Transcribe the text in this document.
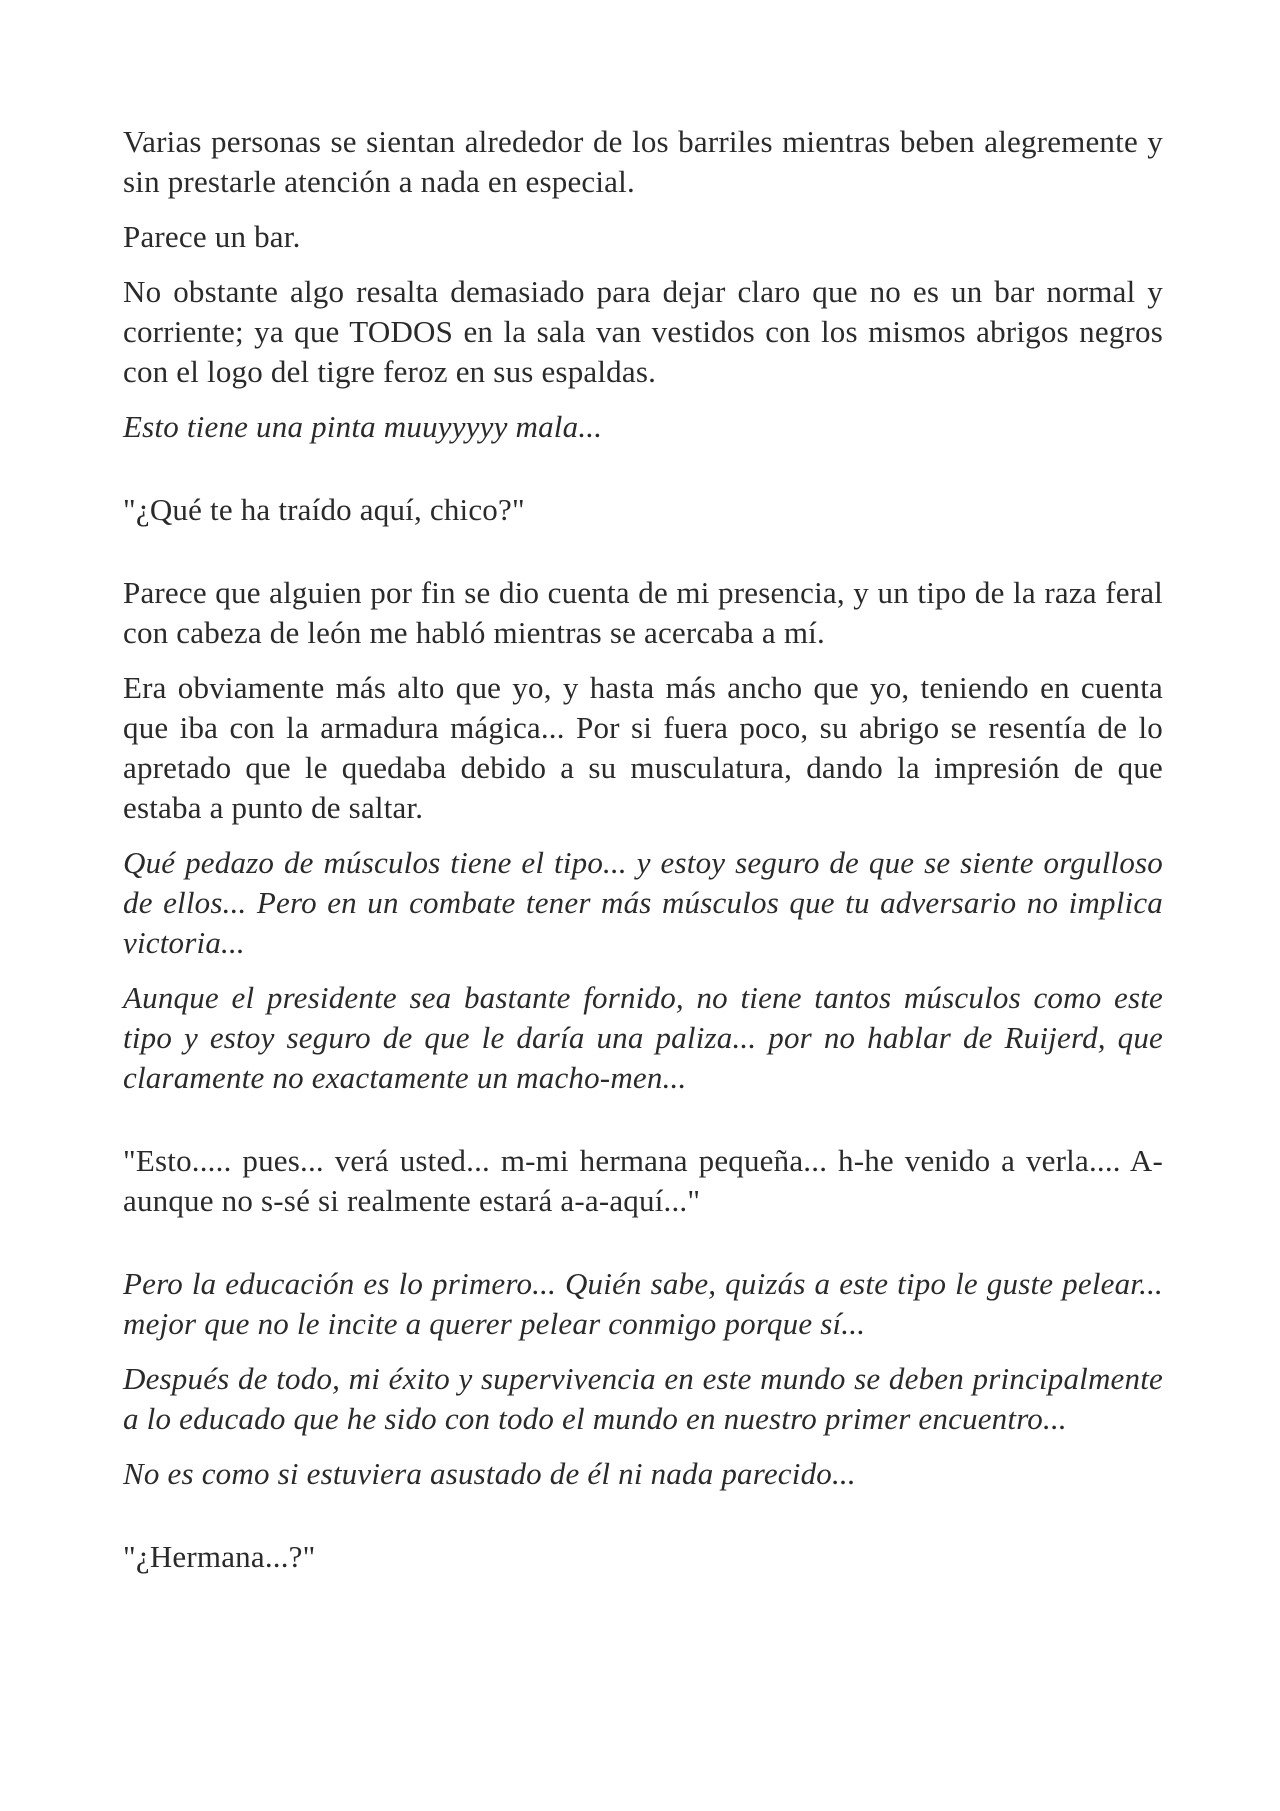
Varias personas se sientan alrededor de los barriles mientras beben alegremente y sin prestarle atención a nada en especial.

Parece un bar.

No obstante algo resalta demasiado para dejar claro que no es un bar normal y corriente; ya que TODOS en la sala van vestidos con los mismos abrigos negros con el logo del tigre feroz en sus espaldas.

Esto tiene una pinta muuyyyyy mala...

"¿Qué te ha traído aquí, chico?"

Parece que alguien por fin se dio cuenta de mi presencia, y un tipo de la raza feral con cabeza de león me habló mientras se acercaba a mí.

Era obviamente más alto que yo, y hasta más ancho que yo, teniendo en cuenta que iba con la armadura mágica... Por si fuera poco, su abrigo se resentía de lo apretado que le quedaba debido a su musculatura, dando la impresión de que estaba a punto de saltar.

Qué pedazo de músculos tiene el tipo... y estoy seguro de que se siente orgulloso de ellos... Pero en un combate tener más músculos que tu adversario no implica victoria...

Aunque el presidente sea bastante fornido, no tiene tantos músculos como este tipo y estoy seguro de que le daría una paliza... por no hablar de Ruijerd, que claramente no exactamente un macho-men...

"Esto..... pues... verá usted... m-mi hermana pequeña... h-he venido a verla.... A-aunque no s-sé si realmente estará a-a-aquí..."

Pero la educación es lo primero... Quién sabe, quizás a este tipo le guste pelear... mejor que no le incite a querer pelear conmigo porque sí...

Después de todo, mi éxito y supervivencia en este mundo se deben principalmente a lo educado que he sido con todo el mundo en nuestro primer encuentro...

No es como si estuviera asustado de él ni nada parecido...

"¿Hermana...?"
